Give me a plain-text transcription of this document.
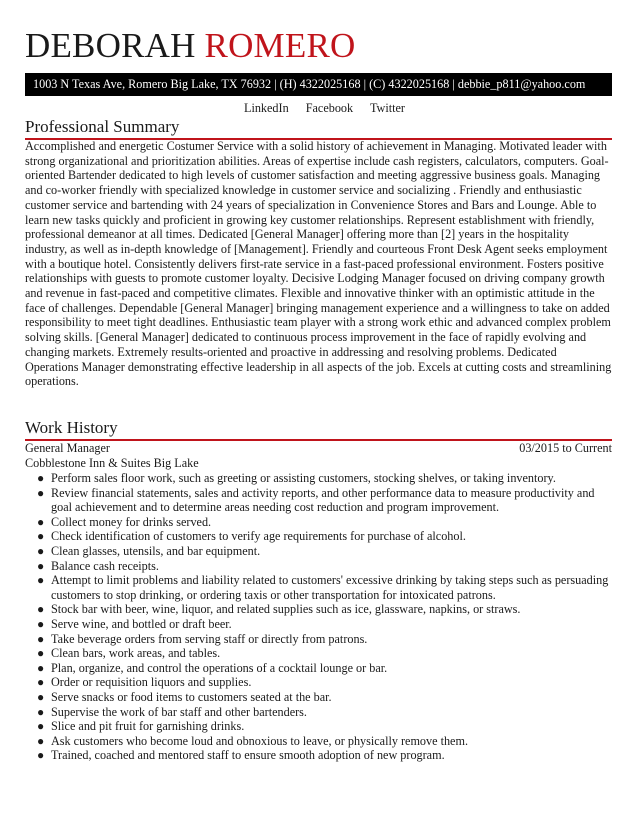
DEBORAH ROMERO
1003 N Texas Ave, Romero Big Lake, TX 76932 | (H) 4322025168 | (C) 4322025168 | debbie_p811@yahoo.com
LinkedIn Facebook Twitter
Professional Summary
Accomplished and energetic Costumer Service with a solid history of achievement in Managing. Motivated leader with strong organizational and prioritization abilities. Areas of expertise include cash registers, calculators, computers. Goal-oriented Bartender dedicated to high levels of customer satisfaction and meeting aggressive business goals. Managing and co-worker friendly with specialized knowledge in customer service and socializing . Friendly and enthusiastic customer service and bartending with 24 years of specialization in Convenience Stores and Bars and Lounge. Able to learn new tasks quickly and proficient in growing key customer relationships. Represent establishment with friendly, professional demeanor at all times. Dedicated [General Manager] offering more than [2] years in the hospitality industry, as well as in-depth knowledge of [Management]. Friendly and courteous Front Desk Agent seeks employment with a boutique hotel. Consistently delivers first-rate service in a fast-paced professional environment. Fosters positive relationships with guests to promote customer loyalty. Decisive Lodging Manager focused on driving company growth and revenue in fast-paced and competitive climates. Flexible and innovative thinker with an optimistic attitude in the face of challenges. Dependable [General Manager] bringing management experience and a willingness to take on added responsibility to meet tight deadlines. Enthusiastic team player with a strong work ethic and advanced complex problem solving skills. [General Manager] dedicated to continuous process improvement in the face of rapidly evolving and changing markets. Extremely results-oriented and proactive in addressing and resolving problems. Dedicated Operations Manager demonstrating effective leadership in all aspects of the job. Excels at cutting costs and streamlining operations.
Work History
General Manager	03/2015 to Current
Cobblestone Inn & Suites Big Lake
● Perform sales floor work, such as greeting or assisting customers, stocking shelves, or taking inventory.
● Review financial statements, sales and activity reports, and other performance data to measure productivity and goal achievement and to determine areas needing cost reduction and program improvement.
● Collect money for drinks served.
● Check identification of customers to verify age requirements for purchase of alcohol.
● Clean glasses, utensils, and bar equipment.
● Balance cash receipts.
● Attempt to limit problems and liability related to customers' excessive drinking by taking steps such as persuading customers to stop drinking, or ordering taxis or other transportation for intoxicated patrons.
● Stock bar with beer, wine, liquor, and related supplies such as ice, glassware, napkins, or straws.
● Serve wine, and bottled or draft beer.
● Take beverage orders from serving staff or directly from patrons.
● Clean bars, work areas, and tables.
● Plan, organize, and control the operations of a cocktail lounge or bar.
● Order or requisition liquors and supplies.
● Serve snacks or food items to customers seated at the bar.
● Supervise the work of bar staff and other bartenders.
● Slice and pit fruit for garnishing drinks.
● Ask customers who become loud and obnoxious to leave, or physically remove them.
● Trained, coached and mentored staff to ensure smooth adoption of new program.
